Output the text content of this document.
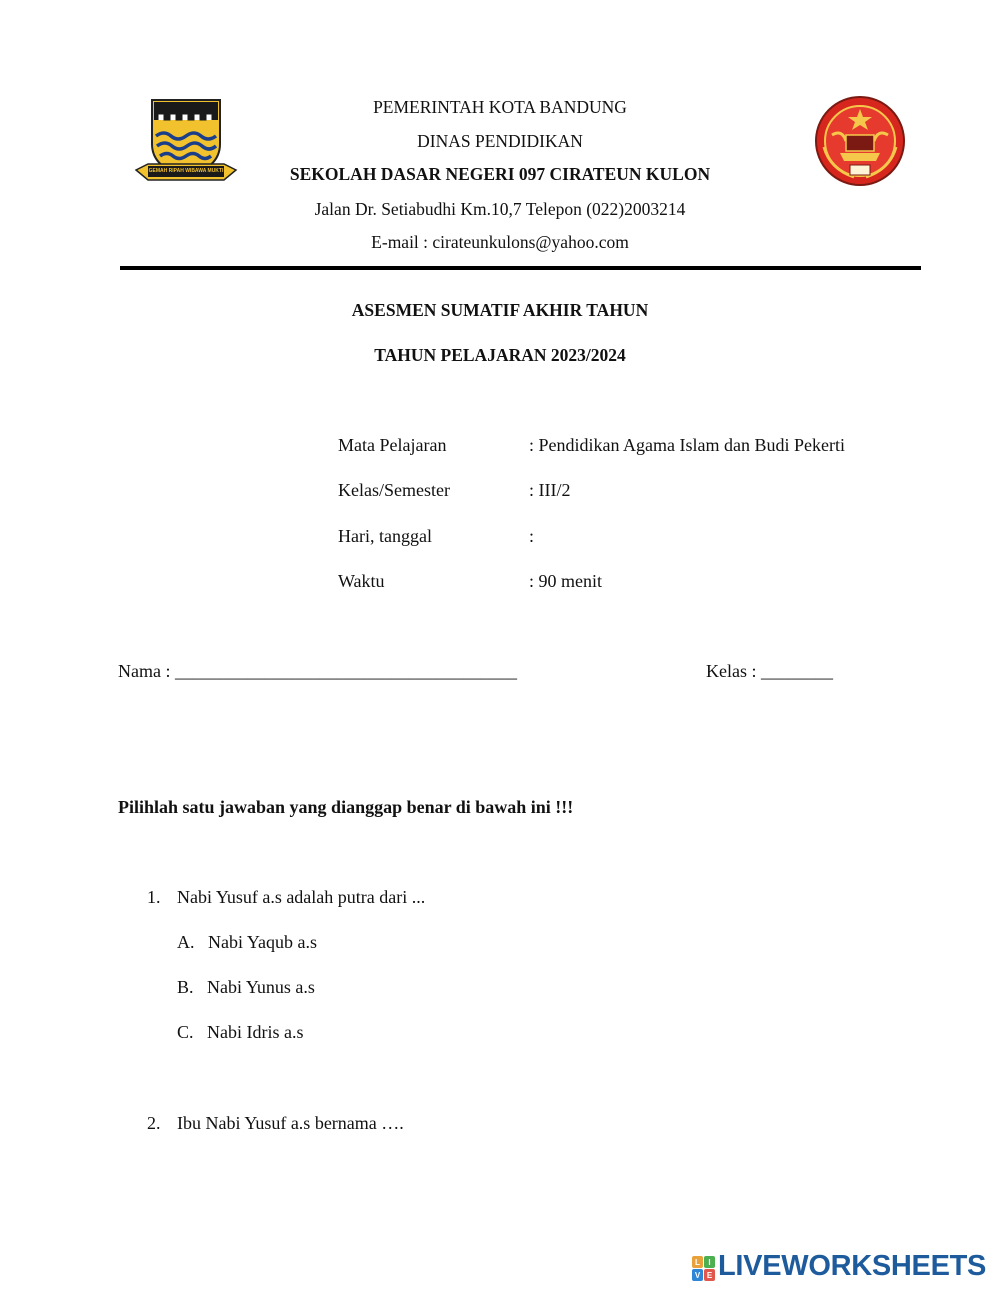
GEMAH RIPAH WIBAWA MUKTI
PEMERINTAH KOTA BANDUNG
DINAS PENDIDIKAN
SEKOLAH DASAR NEGERI 097 CIRATEUN KULON
Jalan Dr. Setiabudhi Km.10,7 Telepon (022)2003214
E-mail : cirateunkulons@yahoo.com
ASESMEN SUMATIF AKHIR TAHUN
TAHUN PELAJARAN 2023/2024
Mata Pelajaran	: Pendidikan Agama Islam dan Budi Pekerti
Kelas/Semester	: III/2
Hari, tanggal	:
Waktu	: 90 menit
Nama : ______________________________________	Kelas : ________
Pilihlah satu jawaban yang dianggap benar di bawah ini !!!
1. Nabi Yusuf a.s adalah putra dari ...
A. Nabi Yaqub a.s
B. Nabi Yunus a.s
C. Nabi Idris a.s
2. Ibu Nabi Yusuf a.s bernama ….
L I
V E LIVEWORKSHEETS
